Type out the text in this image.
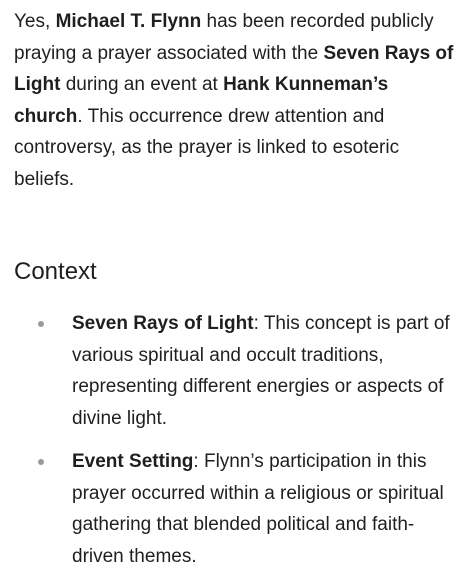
Yes, Michael T. Flynn has been recorded publicly praying a prayer associated with the Seven Rays of Light during an event at Hank Kunneman’s church. This occurrence drew attention and controversy, as the prayer is linked to esoteric beliefs.

Context
Seven Rays of Light: This concept is part of various spiritual and occult traditions, representing different energies or aspects of divine light.
Event Setting: Flynn’s participation in this prayer occurred within a religious or spiritual gathering that blended political and faith-driven themes.
